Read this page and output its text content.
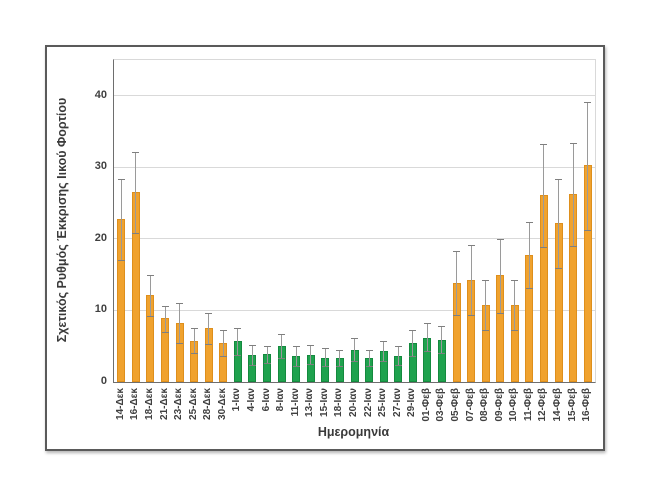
Σχετικός Ρυθμός Έκκρισης Ιικού Φορτίου
0
10
20
30
40
14-Δεκ 16-Δεκ 18-Δεκ 21-Δεκ 23-Δεκ 25-Δεκ 28-Δεκ 30-Δεκ 1-Ιαν 4-Ιαν 6-Ιαν 8-Ιαν 11-Ιαν 13-Ιαν 15-Ιαν 18-Ιαν 20-Ιαν 22-Ιαν 25-Ιαν 27-Ιαν 29-Ιαν 01-Φεβ 03-Φεβ 05-Φεβ 07-Φεβ 08-Φεβ 09-Φεβ 10-Φεβ 11-Φεβ 12-Φεβ 14-Φεβ 15-Φεβ 16-Φεβ
Ημερομηνία
